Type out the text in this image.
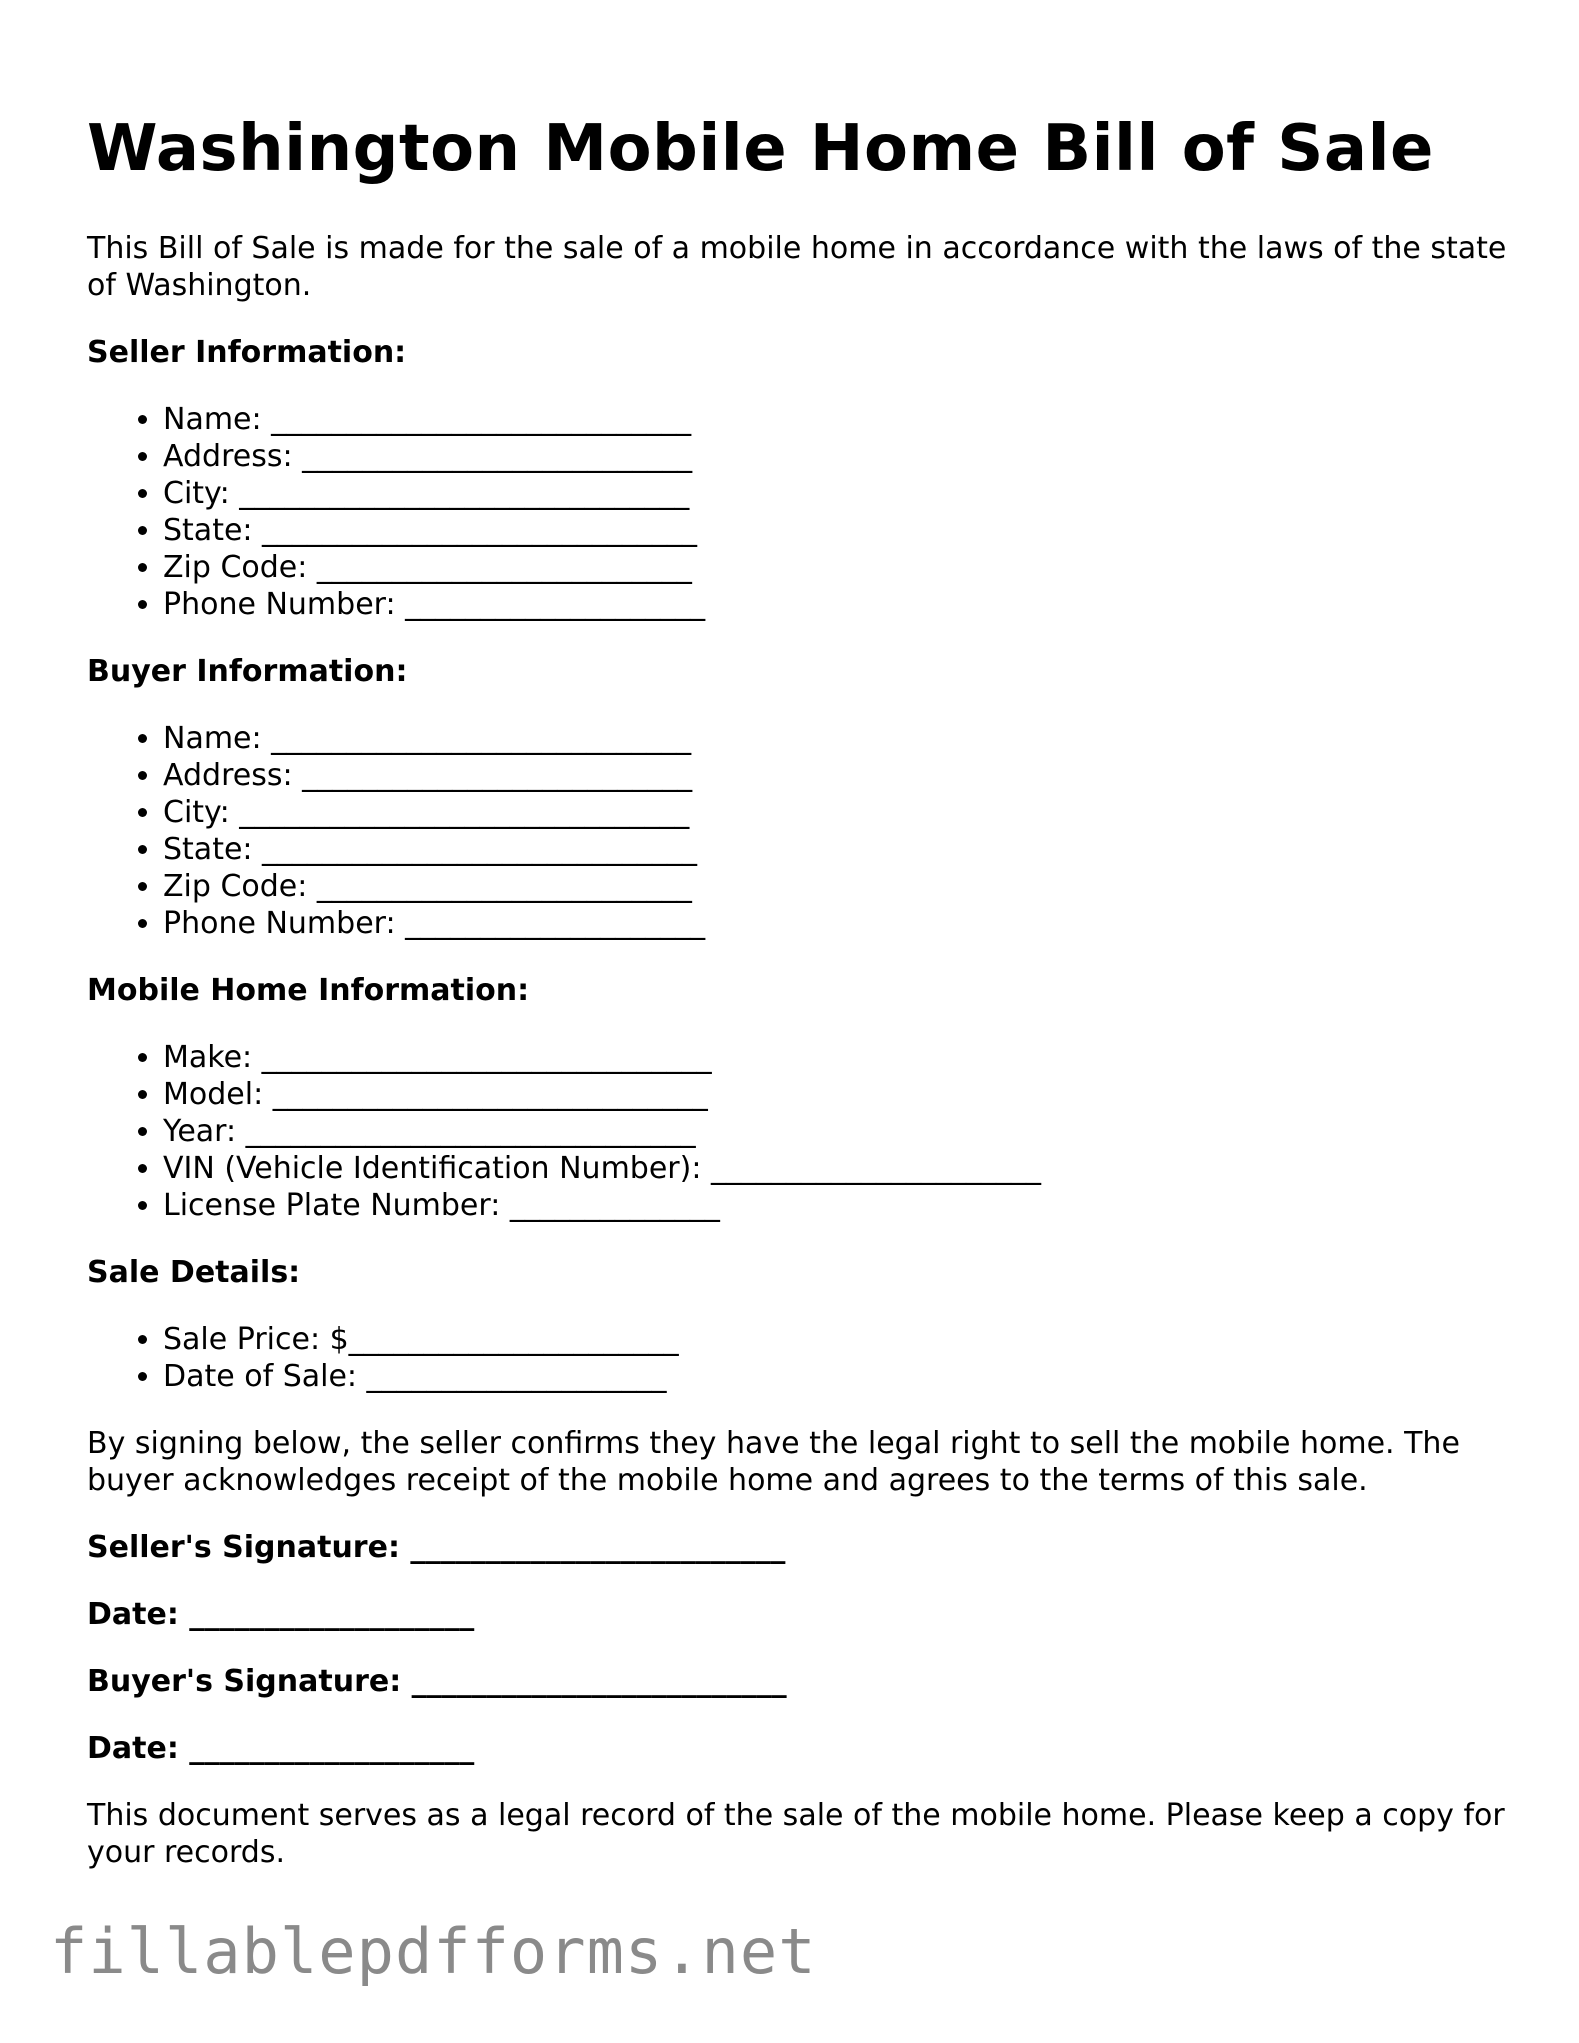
Washington Mobile Home Bill of Sale

This Bill of Sale is made for the sale of a mobile home in accordance with the laws of the state of Washington.

Seller Information:
• Name: ____________________________
• Address: __________________________
• City: ______________________________
• State: _____________________________
• Zip Code: _________________________
• Phone Number: ____________________
Buyer Information:
• Name: ____________________________
• Address: __________________________
• City: ______________________________
• State: _____________________________
• Zip Code: _________________________
• Phone Number: ____________________
Mobile Home Information:
• Make: ______________________________
• Model: _____________________________
• Year: ______________________________
• VIN (Vehicle Identification Number): ______________________
• License Plate Number: ______________
Sale Details:
• Sale Price: $______________________
• Date of Sale: ____________________

By signing below, the seller confirms they have the legal right to sell the mobile home. The buyer acknowledges receipt of the mobile home and agrees to the terms of this sale.

Seller's Signature: _________________________
Date: ___________________
Buyer's Signature: _________________________
Date: ___________________

This document serves as a legal record of the sale of the mobile home. Please keep a copy for your records.

fillablepdfforms.net
